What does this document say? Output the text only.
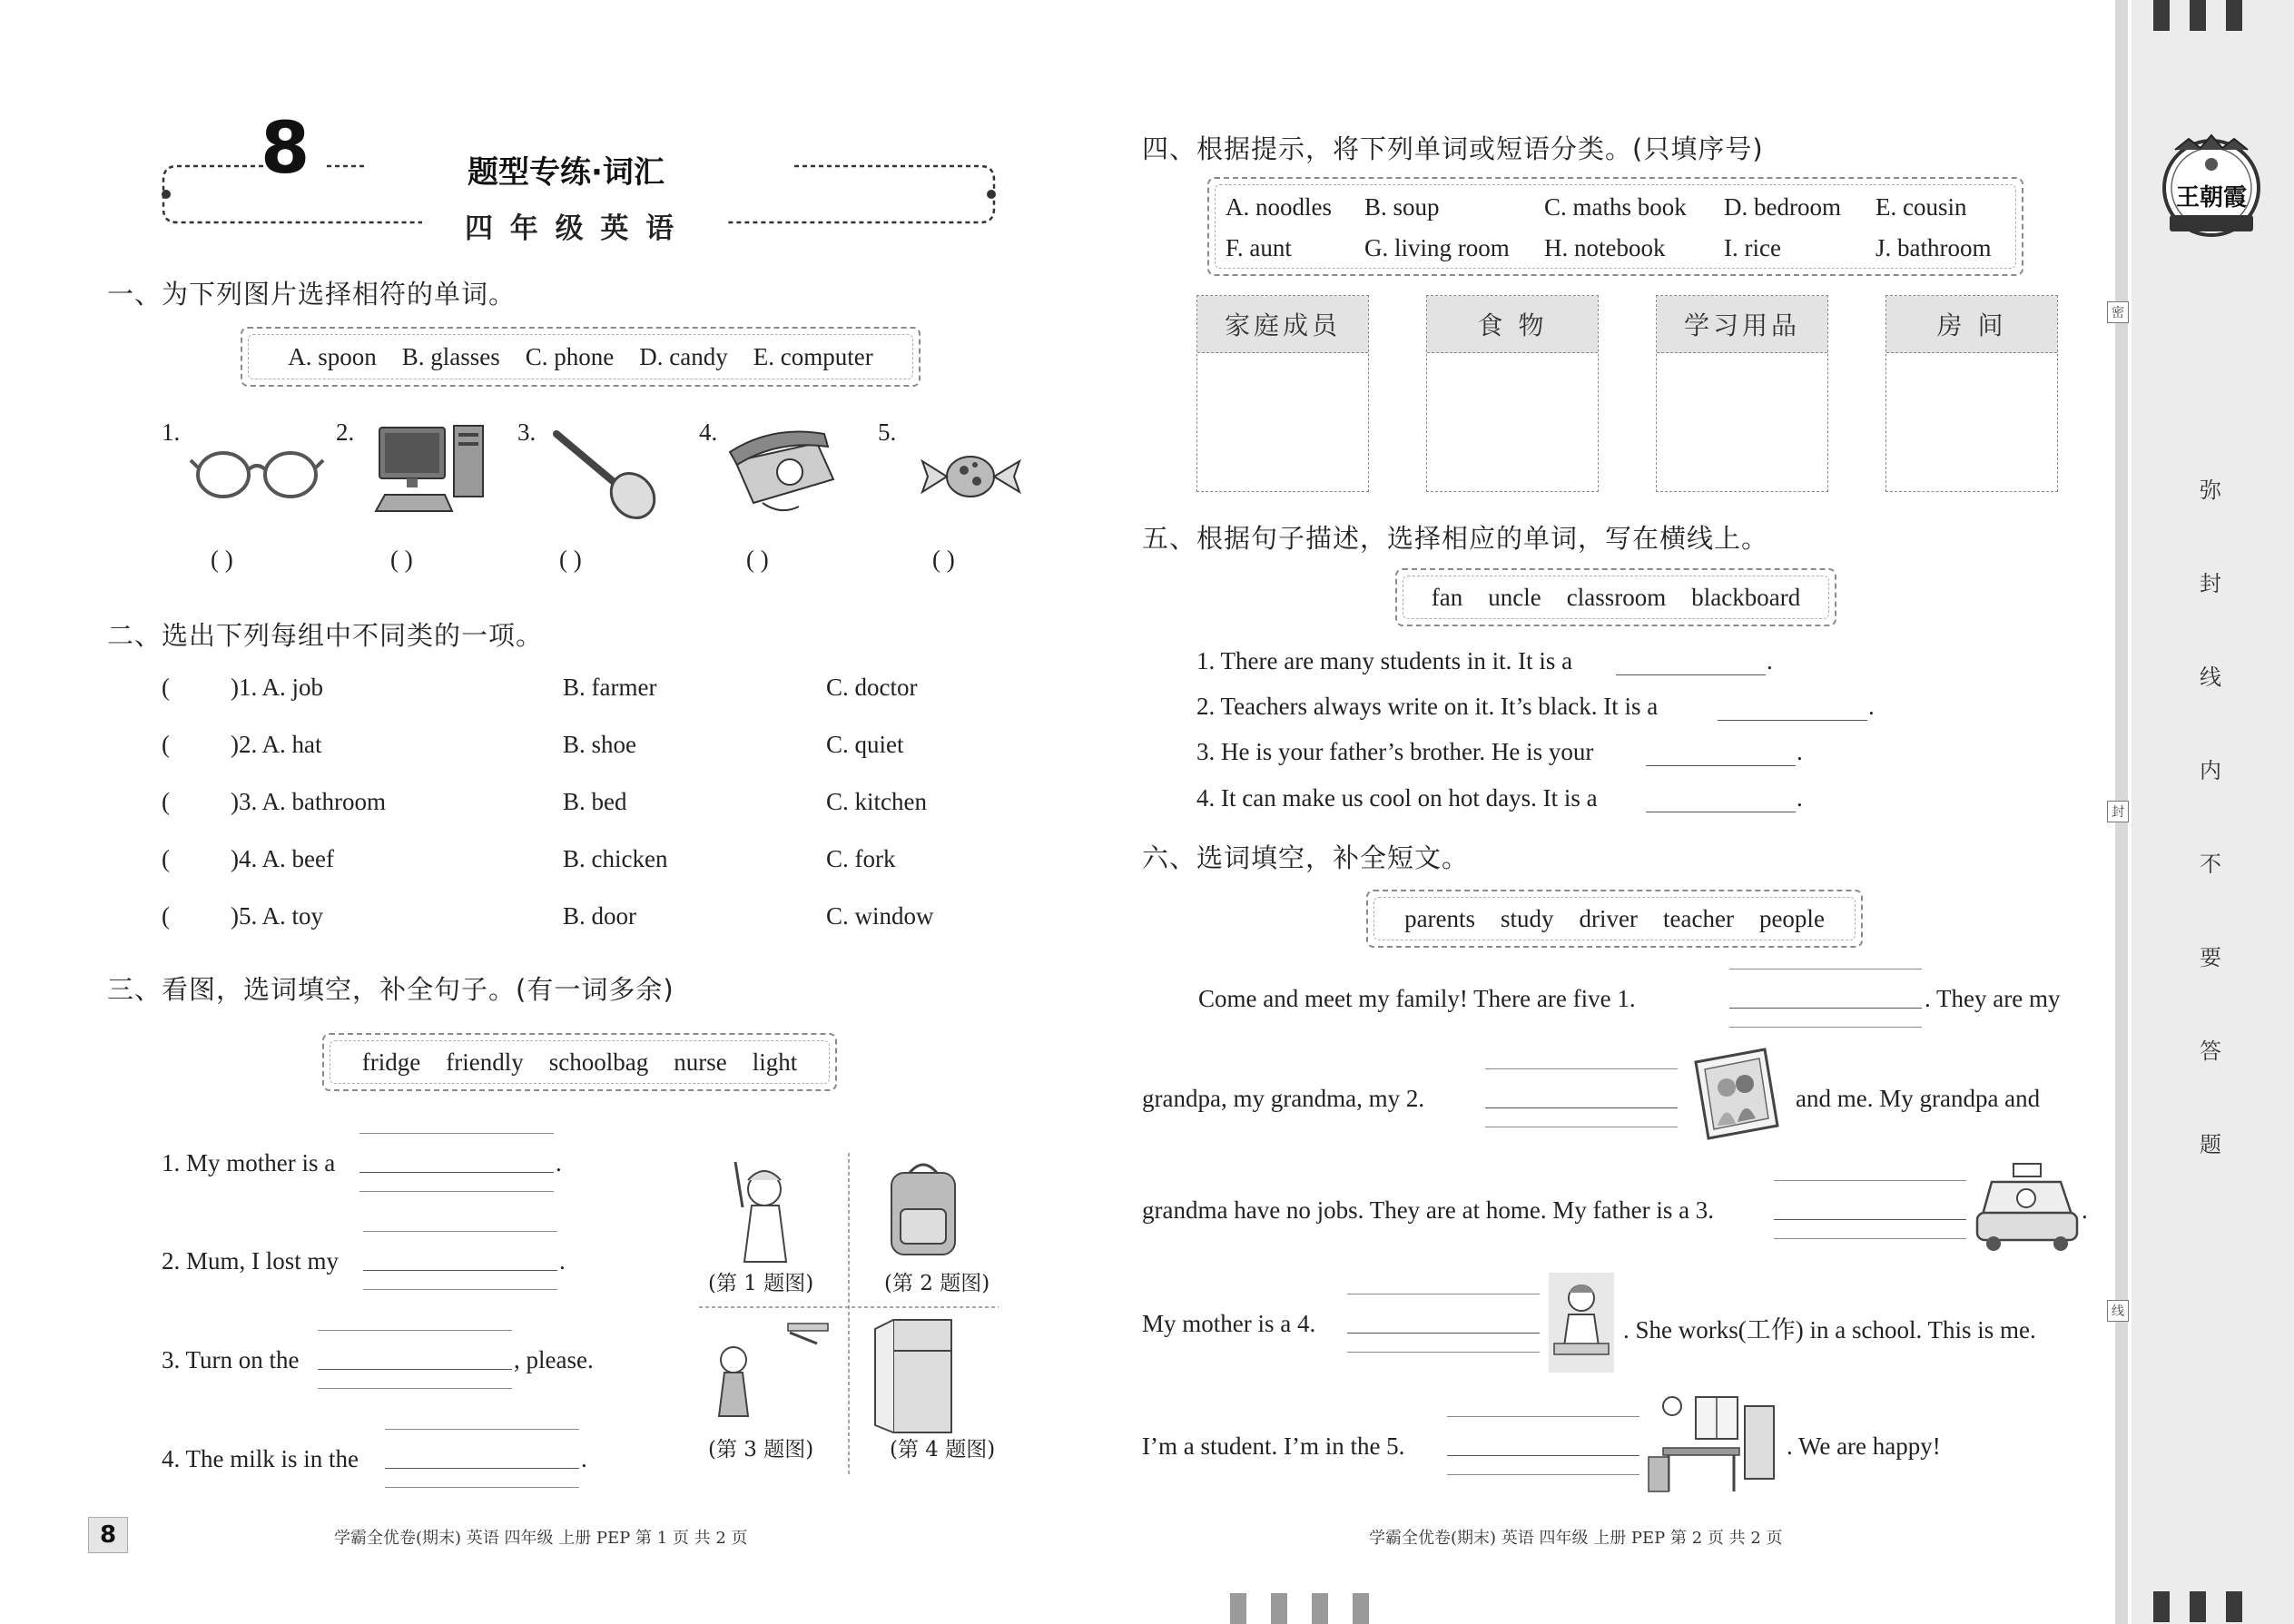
王朝霞
弥
封
线
内
不
要
答
题
密
封
线
8	题型专练·词汇
四 年 级 英 语
一、为下列图片选择相符的单词。
A. spoon B. glasses C. phone D. candy E. computer
1.	2.	3.	4.	5.
( )	( )	( )	( )	( )
二、选出下列每组中不同类的一项。
( )1. A. job	B. farmer	C. doctor
( )2. A. hat	B. shoe	C. quiet
( )3. A. bathroom	B. bed	C. kitchen
( )4. A. beef	B. chicken	C. fork
( )5. A. toy	B. door	C. window
三、看图，选词填空，补全句子。(有一词多余)
fridge friendly schoolbag nurse light
1. My mother is a	.
2. Mum, I lost my	.
3. Turn on the	, please.
4. The milk is in the	.
(第 1 题图)	(第 2 题图)
(第 3 题图)	(第 4 题图)
8	学霸全优卷(期末) 英语 四年级 上册 PEP 第 1 页 共 2 页
四、根据提示，将下列单词或短语分类。(只填序号)
A. noodles B. soup	C. maths book D. bedroom E. cousin
F. aunt	G. living room H. notebook I. rice	J. bathroom
家庭成员	食 物	学习用品	房 间
五、根据句子描述，选择相应的单词，写在横线上。
fan uncle classroom blackboard
1. There are many students in it. It is a	.
2. Teachers always write on it. It’s black. It is a	.
3. He is your father’s brother. He is your	.
4. It can make us cool on hot days. It is a	.
六、选词填空，补全短文。
parents study driver teacher people
Come and meet my family! There are five 1.	. They are my
grandpa, my grandma, my 2.	and me. My grandpa and
grandma have no jobs. They are at home. My father is a 3.	.
My mother is a 4.	. She works(工作) in a school. This is me.
I’m a student. I’m in the 5.	. We are happy!
学霸全优卷(期末) 英语 四年级 上册 PEP 第 2 页 共 2 页
